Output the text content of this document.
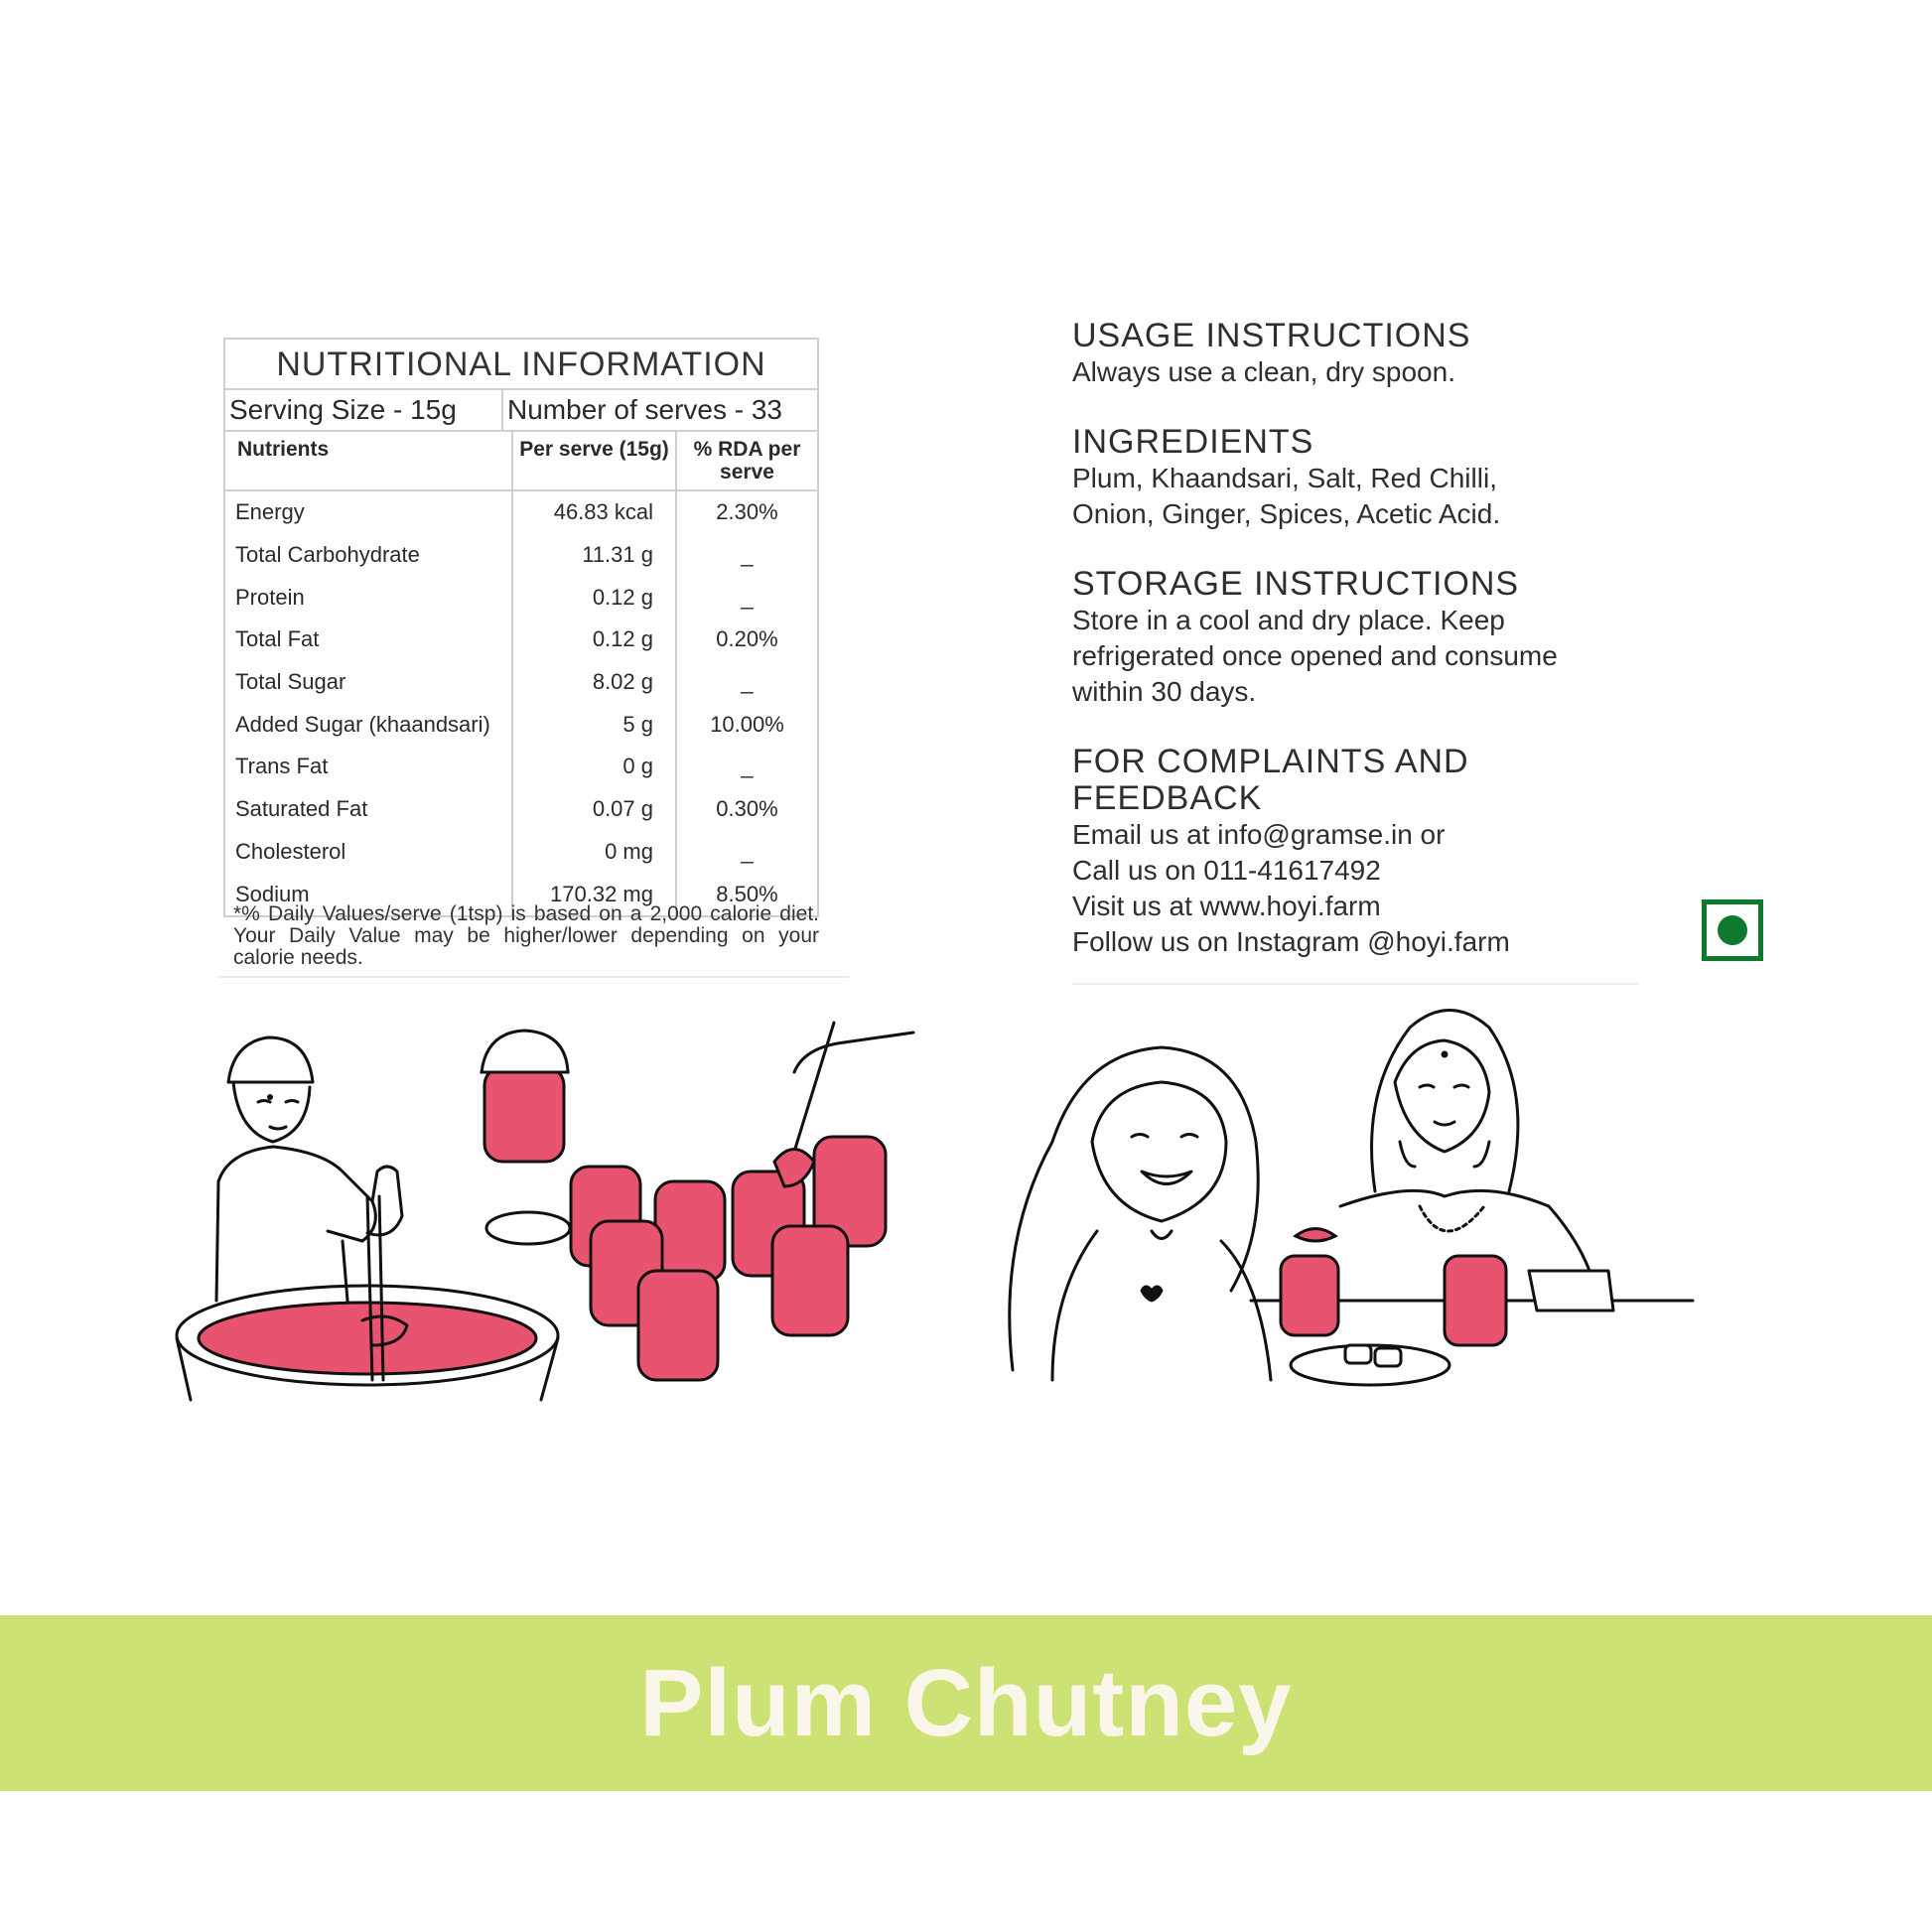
NUTRITIONAL INFORMATION
Serving Size - 15g	Number of serves - 33
Nutrients	Per serve (15g)	% RDA per serve
Energy	46.83 kcal	2.30%
Total Carbohydrate	11.31 g	_
Protein	0.12 g	_
Total Fat	0.12 g	0.20%
Total Sugar	8.02 g	_
Added Sugar (khaandsari)	5 g	10.00%
Trans Fat	0 g	_
Saturated Fat	0.07 g	0.30%
Cholesterol	0 mg	_
Sodium	170.32 mg	8.50%
*% Daily Values/serve (1tsp) is based on a 2,000 calorie diet. Your Daily Value may be higher/lower depending on your calorie needs.
USAGE INSTRUCTIONS

Always use a clean, dry spoon.

INGREDIENTS

Plum, Khaandsari, Salt, Red Chilli,

Onion, Ginger, Spices, Acetic Acid.

STORAGE INSTRUCTIONS

Store in a cool and dry place. Keep

refrigerated once opened and consume

within 30 days.

FOR COMPLAINTS AND
FEEDBACK

Email us at info@gramse.in or

Call us on 011-41617492

Visit us at www.hoyi.farm

Follow us on Instagram @hoyi.farm

Plum Chutney
